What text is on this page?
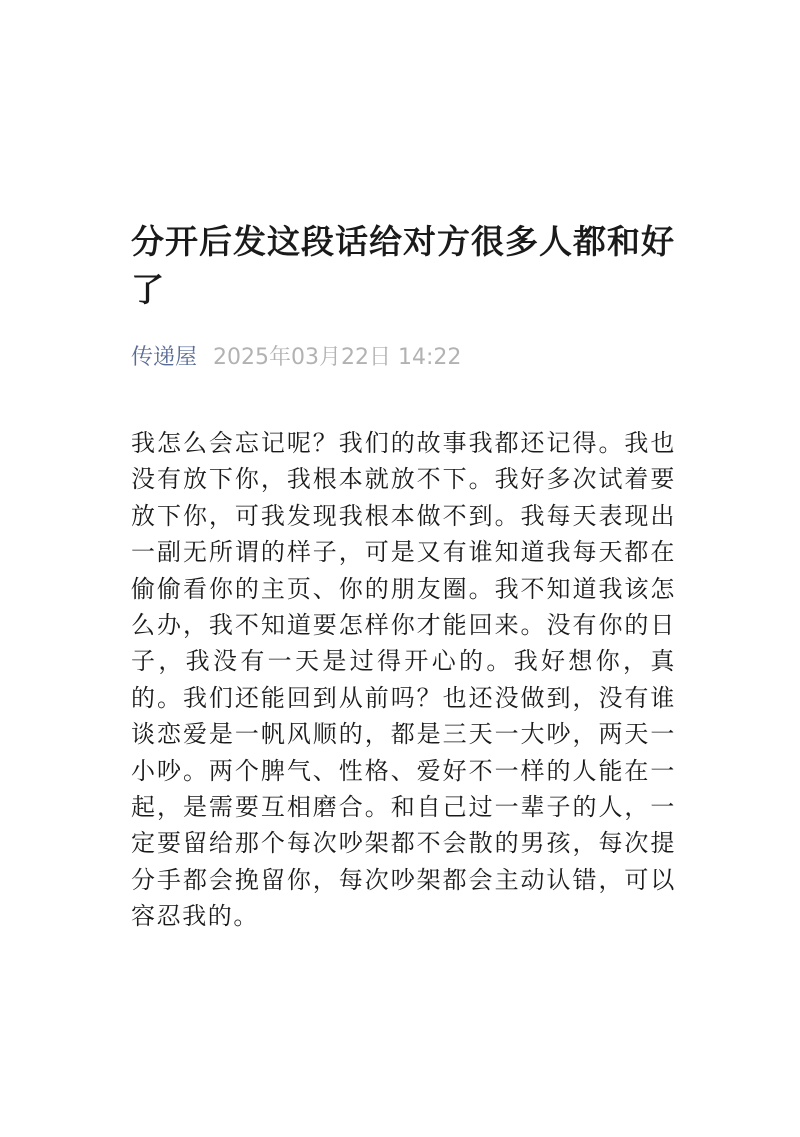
分开后发这段话给对方很多人都和好了
传递屋 2025年03月22日 14:22
我怎么会忘记呢？我们的故事我都还记得。我也没有放下你，我根本就放不下。我好多次试着要放下你，可我发现我根本做不到。我每天表现出一副无所谓的样子，可是又有谁知道我每天都在偷偷看你的主页、你的朋友圈。我不知道我该怎么办，我不知道要怎样你才能回来。没有你的日子，我没有一天是过得开心的。我好想你，真的。我们还能回到从前吗？也还没做到，没有谁谈恋爱是一帆风顺的，都是三天一大吵，两天一小吵。两个脾气、性格、爱好不一样的人能在一起，是需要互相磨合。和自己过一辈子的人，一定要留给那个每次吵架都不会散的男孩，每次提分手都会挽留你，每次吵架都会主动认错，可以容忍我的。
